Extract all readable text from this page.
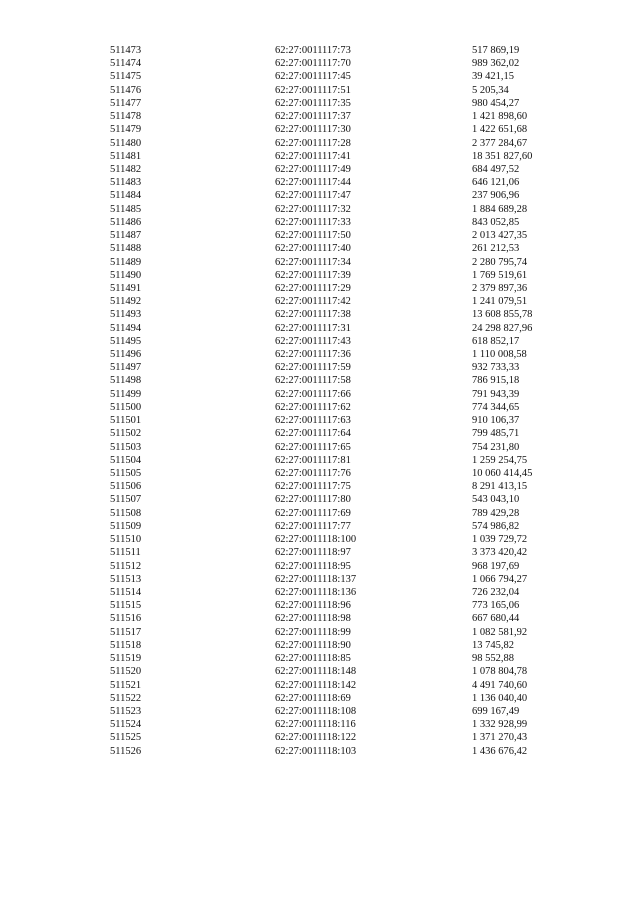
511473	62:27:0011117:73	517 869,19
511474	62:27:0011117:70	989 362,02
511475	62:27:0011117:45	39 421,15
511476	62:27:0011117:51	5 205,34
511477	62:27:0011117:35	980 454,27
511478	62:27:0011117:37	1 421 898,60
511479	62:27:0011117:30	1 422 651,68
511480	62:27:0011117:28	2 377 284,67
511481	62:27:0011117:41	18 351 827,60
511482	62:27:0011117:49	684 497,52
511483	62:27:0011117:44	646 121,06
511484	62:27:0011117:47	237 906,96
511485	62:27:0011117:32	1 884 689,28
511486	62:27:0011117:33	843 052,85
511487	62:27:0011117:50	2 013 427,35
511488	62:27:0011117:40	261 212,53
511489	62:27:0011117:34	2 280 795,74
511490	62:27:0011117:39	1 769 519,61
511491	62:27:0011117:29	2 379 897,36
511492	62:27:0011117:42	1 241 079,51
511493	62:27:0011117:38	13 608 855,78
511494	62:27:0011117:31	24 298 827,96
511495	62:27:0011117:43	618 852,17
511496	62:27:0011117:36	1 110 008,58
511497	62:27:0011117:59	932 733,33
511498	62:27:0011117:58	786 915,18
511499	62:27:0011117:66	791 943,39
511500	62:27:0011117:62	774 344,65
511501	62:27:0011117:63	910 106,37
511502	62:27:0011117:64	799 485,71
511503	62:27:0011117:65	754 231,80
511504	62:27:0011117:81	1 259 254,75
511505	62:27:0011117:76	10 060 414,45
511506	62:27:0011117:75	8 291 413,15
511507	62:27:0011117:80	543 043,10
511508	62:27:0011117:69	789 429,28
511509	62:27:0011117:77	574 986,82
511510	62:27:0011118:100	1 039 729,72
511511	62:27:0011118:97	3 373 420,42
511512	62:27:0011118:95	968 197,69
511513	62:27:0011118:137	1 066 794,27
511514	62:27:0011118:136	726 232,04
511515	62:27:0011118:96	773 165,06
511516	62:27:0011118:98	667 680,44
511517	62:27:0011118:99	1 082 581,92
511518	62:27:0011118:90	13 745,82
511519	62:27:0011118:85	98 552,88
511520	62:27:0011118:148	1 078 804,78
511521	62:27:0011118:142	4 491 740,60
511522	62:27:0011118:69	1 136 040,40
511523	62:27:0011118:108	699 167,49
511524	62:27:0011118:116	1 332 928,99
511525	62:27:0011118:122	1 371 270,43
511526	62:27:0011118:103	1 436 676,42
